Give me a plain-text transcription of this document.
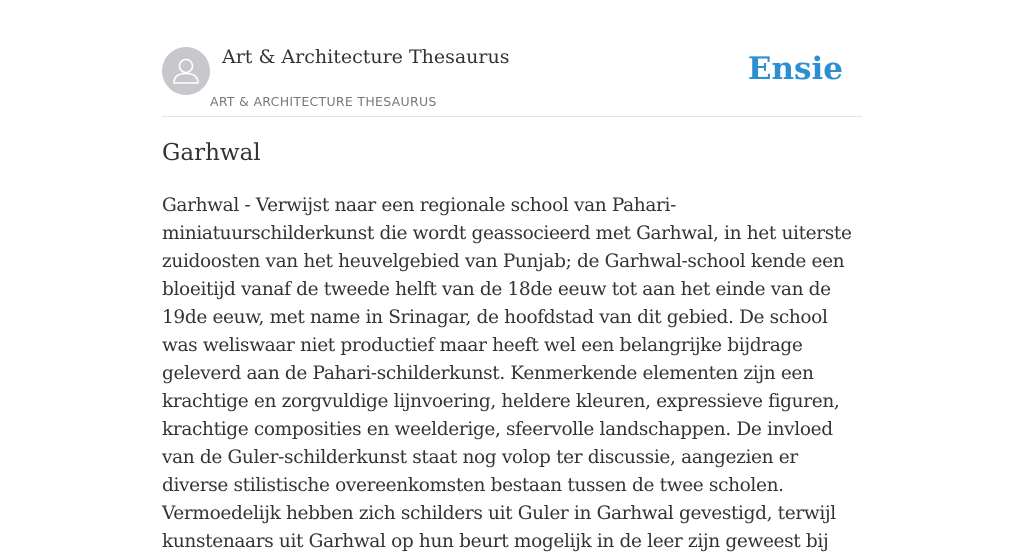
Art & Architecture Thesaurus
ART & ARCHITECTURE THESAURUS
Ensie
Garhwal

Garhwal - Verwijst naar een regionale school van Pahari-miniatuurschilderkunst die wordt geassocieerd met Garhwal, in het uiterste zuidoosten van het heuvelgebied van Punjab; de Garhwal-school kende een bloeitijd vanaf de tweede helft van de 18de eeuw tot aan het einde van de 19de eeuw, met name in Srinagar, de hoofdstad van dit gebied. De school was weliswaar niet productief maar heeft wel een belangrijke bijdrage geleverd aan de Pahari-schilderkunst. Kenmerkende elementen zijn een krachtige en zorgvuldige lijnvoering, heldere kleuren, expressieve figuren, krachtige composities en weelderige, sfeervolle landschappen. De invloed van de Guler-schilderkunst staat nog volop ter discussie, aangezien er diverse stilistische overeenkomsten bestaan tussen de twee scholen. Vermoedelijk hebben zich schilders uit Guler in Garhwal gevestigd, terwijl kunstenaars uit Garhwal op hun beurt mogelijk in de leer zijn geweest bij
